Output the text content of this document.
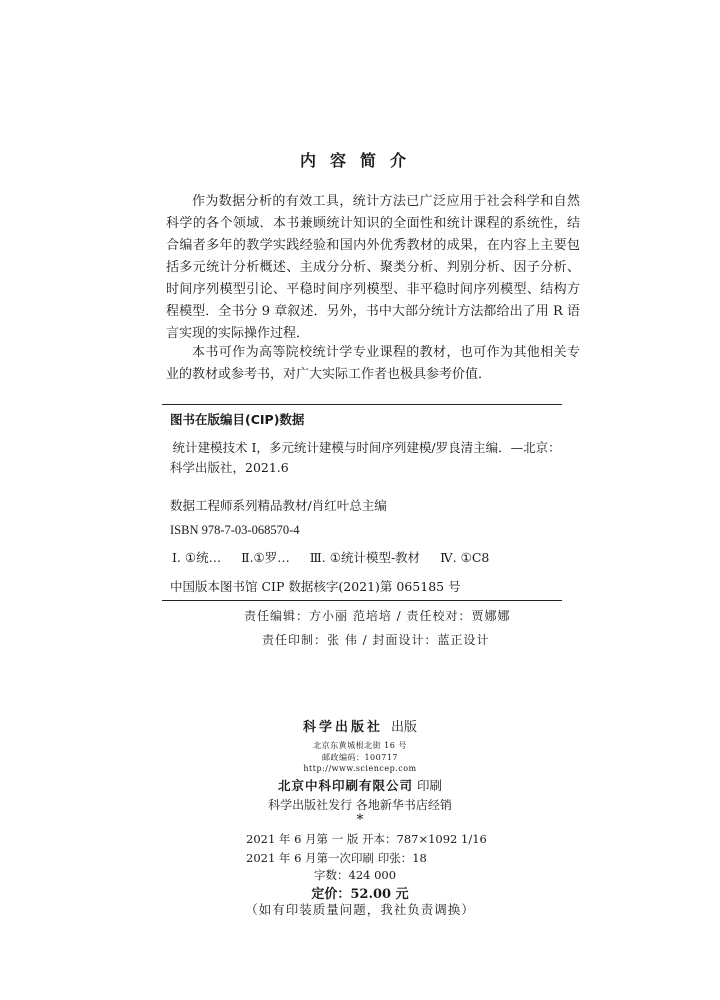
内容简介

作为数据分析的有效工具，统计方法已广泛应用于社会科学和自然科学的各个领域．本书兼顾统计知识的全面性和统计课程的系统性，结合编者多年的教学实践经验和国内外优秀教材的成果，在内容上主要包括多元统计分析概述、主成分分析、聚类分析、判别分析、因子分析、时间序列模型引论、平稳时间序列模型、非平稳时间序列模型、结构方程模型．全书分 9 章叙述．另外，书中大部分统计方法都给出了用 R 语言实现的实际操作过程．

本书可作为高等院校统计学专业课程的教材，也可作为其他相关专业的教材或参考书，对广大实际工作者也极具参考价值．

图书在版编目(CIP)数据

统计建模技术 Ⅰ，多元统计建模与时间序列建模/罗良清主编．—北京：科学出版社，2021.6

数据工程师系列精品教材/肖红叶总主编

ISBN 978-7-03-068570-4

Ⅰ. ①统… Ⅱ.①罗… Ⅲ. ①统计模型-教材 Ⅳ. ①C8

中国版本图书馆 CIP 数据核字(2021)第 065185 号

责任编辑：方小丽 范培培 / 责任校对：贾娜娜
责任印制：张 伟 / 封面设计：蓝正设计
科学出版社 出版
北京东黄城根北街 16 号
邮政编码：100717
http://www.sciencep.com
北京中科印刷有限公司 印刷
科学出版社发行 各地新华书店经销
*
2021 年 6 月第 一 版 开本：787×1092 1/16
2021 年 6 月第一次印刷 印张：18
字数：424 000
定价：52.00 元
（如有印装质量问题，我社负责调换）
